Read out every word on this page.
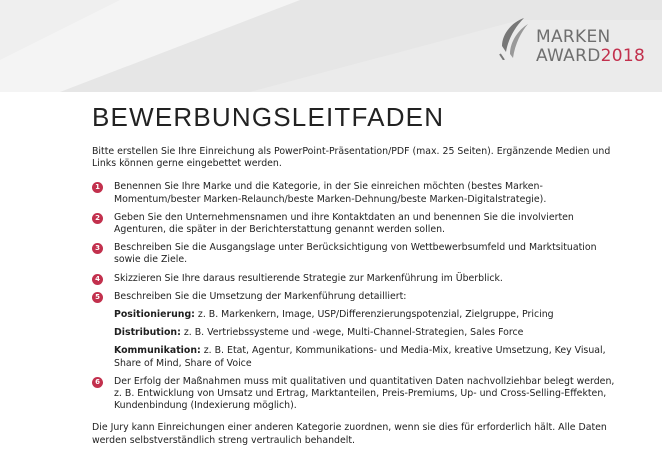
MARKEN
AWARD2018
BEWERBUNGSLEITFADEN

Bitte erstellen Sie Ihre Einreichung als PowerPoint-Präsentation/PDF (max. 25 Seiten). Ergänzende Medien und Links können gerne eingebettet werden.

1	Benennen Sie Ihre Marke und die Kategorie, in der Sie einreichen möchten (bestes Marken-Momentum/bester Marken-Relaunch/beste Marken-Dehnung/beste Marken-Digitalstrategie).
2	Geben Sie den Unternehmensnamen und ihre Kontaktdaten an und benennen Sie die involvierten Agenturen, die später in der Berichterstattung genannt werden sollen.
3	Beschreiben Sie die Ausgangslage unter Berücksichtigung von Wettbewerbsumfeld und Marktsituation sowie die Ziele.
4	Skizzieren Sie Ihre daraus resultierende Strategie zur Markenführung im Überblick.
5	Beschreiben Sie die Umsetzung der Markenführung detailliert:
Positionierung: z. B. Markenkern, Image, USP/Differenzierungspotenzial, Zielgruppe, Pricing
Distribution: z. B. Vertriebssysteme und -wege, Multi-Channel-Strategien, Sales Force
Kommunikation: z. B. Etat, Agentur, Kommunikations- und Media-Mix, kreative Umsetzung, Key Visual, Share of Mind, Share of Voice
6	Der Erfolg der Maßnahmen muss mit qualitativen und quantitativen Daten nachvollziehbar belegt werden, z. B. Entwicklung von Umsatz und Ertrag, Marktanteilen, Preis-Premiums, Up- und Cross-Selling-Effekten, Kundenbindung (Indexierung möglich).

Die Jury kann Einreichungen einer anderen Kategorie zuordnen, wenn sie dies für erforderlich hält. Alle Daten werden selbstverständlich streng vertraulich behandelt.
